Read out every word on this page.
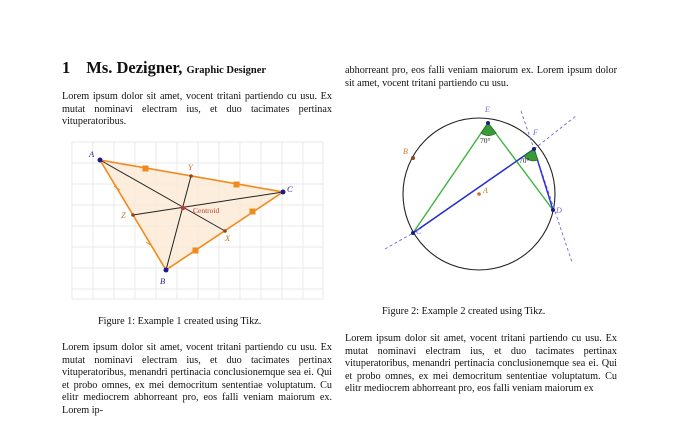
1 Ms. Dezigner, Graphic Designer

Lorem ipsum dolor sit amet, vocent tritani partiendo cu usu. Ex mutat nominavi electram ius, et duo tacimates pertinax vituperatoribus.

Lorem ipsum dolor sit amet, vocent tritani partiendo cu usu. Ex mutat nominavi electram ius, et duo tacimates pertinax vituperatoribus, menandri pertinacia conclusionemque sea ei. Qui et probo omnes, ex mei democritum sententiae voluptatum. Cu elitr mediocrem abhorreant pro, eos falli veniam maiorum ex. Lorem ip-

abhorreant pro, eos falli veniam maiorum ex. Lorem ipsum dolor sit amet, vocent tritani partiendo cu usu.

Lorem ipsum dolor sit amet, vocent tritani partiendo cu usu. Ex mutat nominavi electram ius, et duo tacimates pertinax vituperatoribus, menandri pertinacia conclusionemque sea ei. Qui et probo omnes, ex mei democritum sententiae voluptatum. Cu elitr mediocrem abhorreant pro, eos falli veniam maiorum ex

A
C
B
Y
X
Z	Centroid
E
F
D
C
B
A
70°
70°
Figure 1: Example 1 created using Tikz.
Figure 2: Example 2 created using Tikz.
